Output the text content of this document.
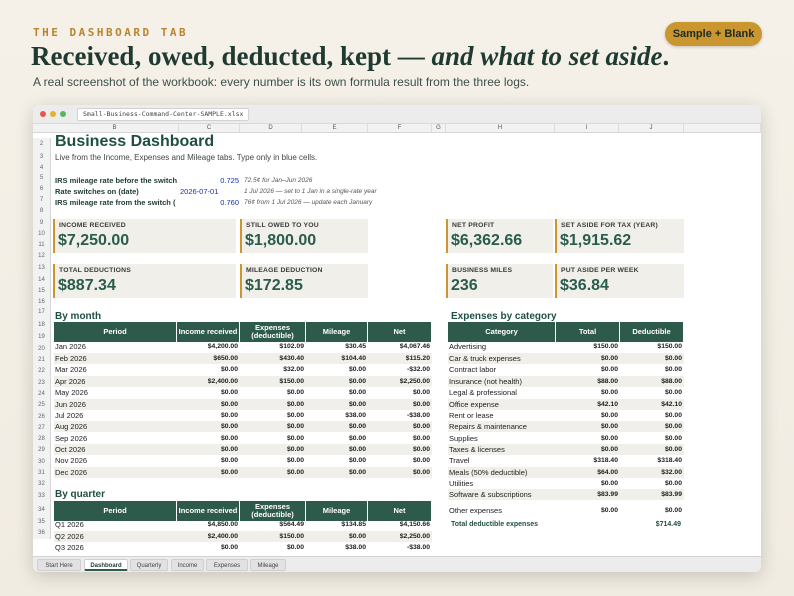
THE DASHBOARD TAB
Received, owed, deducted, kept — and what to set aside.
A real screenshot of the workbook: every number is its own formula result from the three logs.
Sample + Blank
Small-Business-Command-Center-SAMPLE.xlsx
B	C	D	E	F	G	H	I	J
2
3
4
5
6
7
8
9
10
11
12
13
14
15
16
17
18
19
20
21
22
23
24
25
26
27
28
29
30
31
32
33
34
35
36
Business Dashboard
Live from the Income, Expenses and Mileage tabs. Type only in blue cells.
IRS mileage rate before the switch	0.725 72.5¢ for Jan–Jun 2026
Rate switches on (date)	2026-07-01	1 Jul 2026 — set to 1 Jan in a single-rate year
IRS mileage rate from the switch (	0.760 76¢ from 1 Jul 2026 — update each January
INCOME RECEIVED
$7,250.00
STILL OWED TO YOU
$1,800.00
NET PROFIT
$6,362.66
SET ASIDE FOR TAX (YEAR)
$1,915.62
TOTAL DEDUCTIONS
$887.34
MILEAGE DEDUCTION
$172.85
BUSINESS MILES
236
PUT ASIDE PER WEEK
$36.84
By month	Expenses by category
Period	Income received	Expenses (deductible)	Mileage	Net
Jan 2026	$4,200.00	$102.09	$30.45	$4,067.46
Feb 2026	$650.00	$430.40	$104.40	$115.20
Mar 2026	$0.00	$32.00	$0.00	-$32.00
Apr 2026	$2,400.00	$150.00	$0.00	$2,250.00
May 2026	$0.00	$0.00	$0.00	$0.00
Jun 2026	$0.00	$0.00	$0.00	$0.00
Jul 2026	$0.00	$0.00	$38.00	-$38.00
Aug 2026	$0.00	$0.00	$0.00	$0.00
Sep 2026	$0.00	$0.00	$0.00	$0.00
Oct 2026	$0.00	$0.00	$0.00	$0.00
Nov 2026	$0.00	$0.00	$0.00	$0.00
Dec 2026	$0.00	$0.00	$0.00	$0.00
By quarter
Period	Income received	Expenses (deductible)	Mileage	Net
Q1 2026	$4,850.00	$564.49	$134.85	$4,150.66
Q2 2026	$2,400.00	$150.00	$0.00	$2,250.00
Q3 2026	$0.00	$0.00	$38.00	-$38.00
Category	Total	Deductible
Advertising	$150.00	$150.00
Car & truck expenses	$0.00	$0.00
Contract labor	$0.00	$0.00
Insurance (not health)	$88.00	$88.00
Legal & professional	$0.00	$0.00
Office expense	$42.10	$42.10
Rent or lease	$0.00	$0.00
Repairs & maintenance	$0.00	$0.00
Supplies	$0.00	$0.00
Taxes & licenses	$0.00	$0.00
Travel	$318.40	$318.40
Meals (50% deductible)	$64.00	$32.00
Utilities	$0.00	$0.00
Software & subscriptions	$83.99	$83.99
Other expenses	$0.00	$0.00
Total deductible expenses	$714.49
Start Here	Dashboard	Quarterly	Income	Expenses	Mileage
